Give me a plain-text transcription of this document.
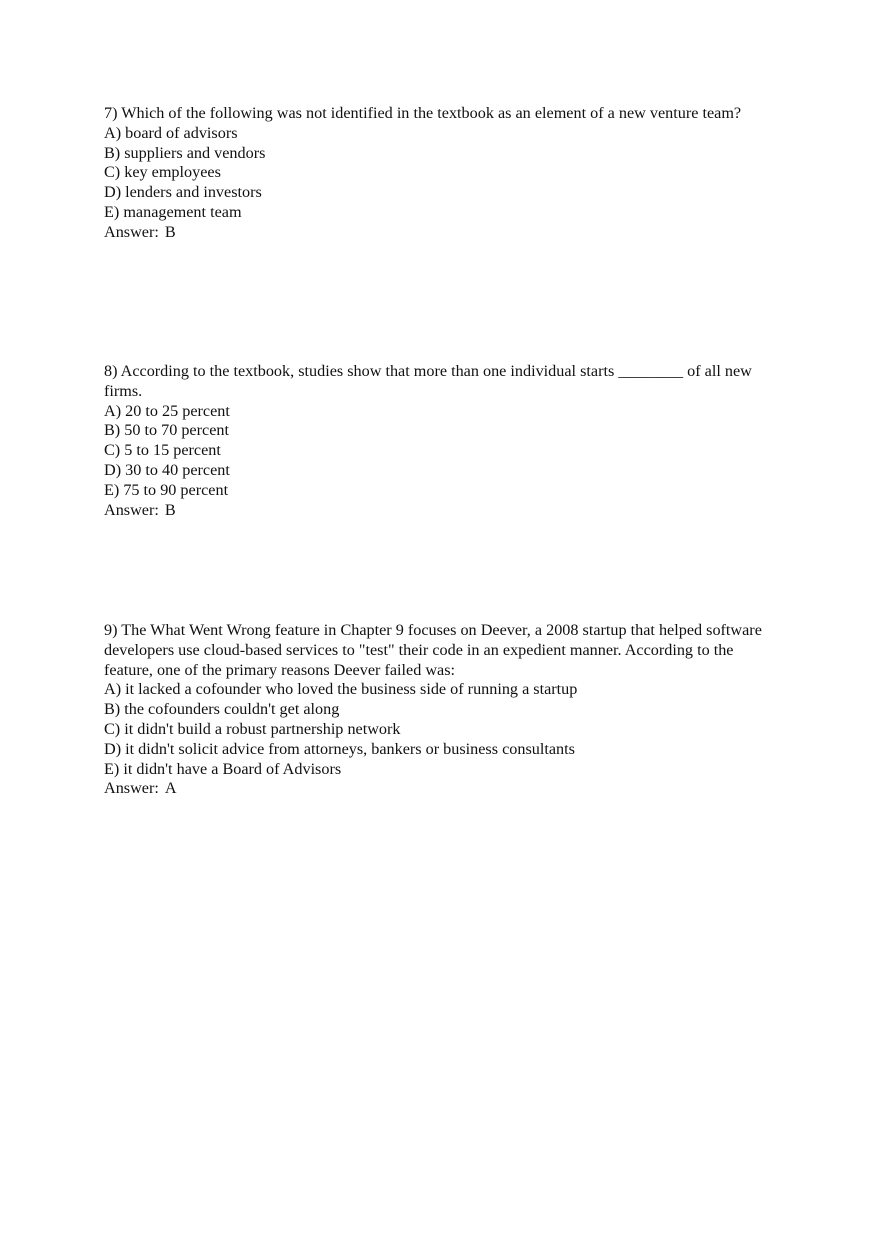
7) Which of the following was not identified in the textbook as an element of a new venture team?

A) board of advisors
B) suppliers and vendors
C) key employees
D) lenders and investors
E) management team
Answer: B

8) According to the textbook, studies show that more than one individual starts ________ of all new firms.

A) 20 to 25 percent
B) 50 to 70 percent
C) 5 to 15 percent
D) 30 to 40 percent
E) 75 to 90 percent
Answer: B

9) The What Went Wrong feature in Chapter 9 focuses on Deever, a 2008 startup that helped software developers use cloud-based services to "test" their code in an expedient manner. According to the feature, one of the primary reasons Deever failed was:

A) it lacked a cofounder who loved the business side of running a startup
B) the cofounders couldn't get along
C) it didn't build a robust partnership network
D) it didn't solicit advice from attorneys, bankers or business consultants
E) it didn't have a Board of Advisors
Answer: A
